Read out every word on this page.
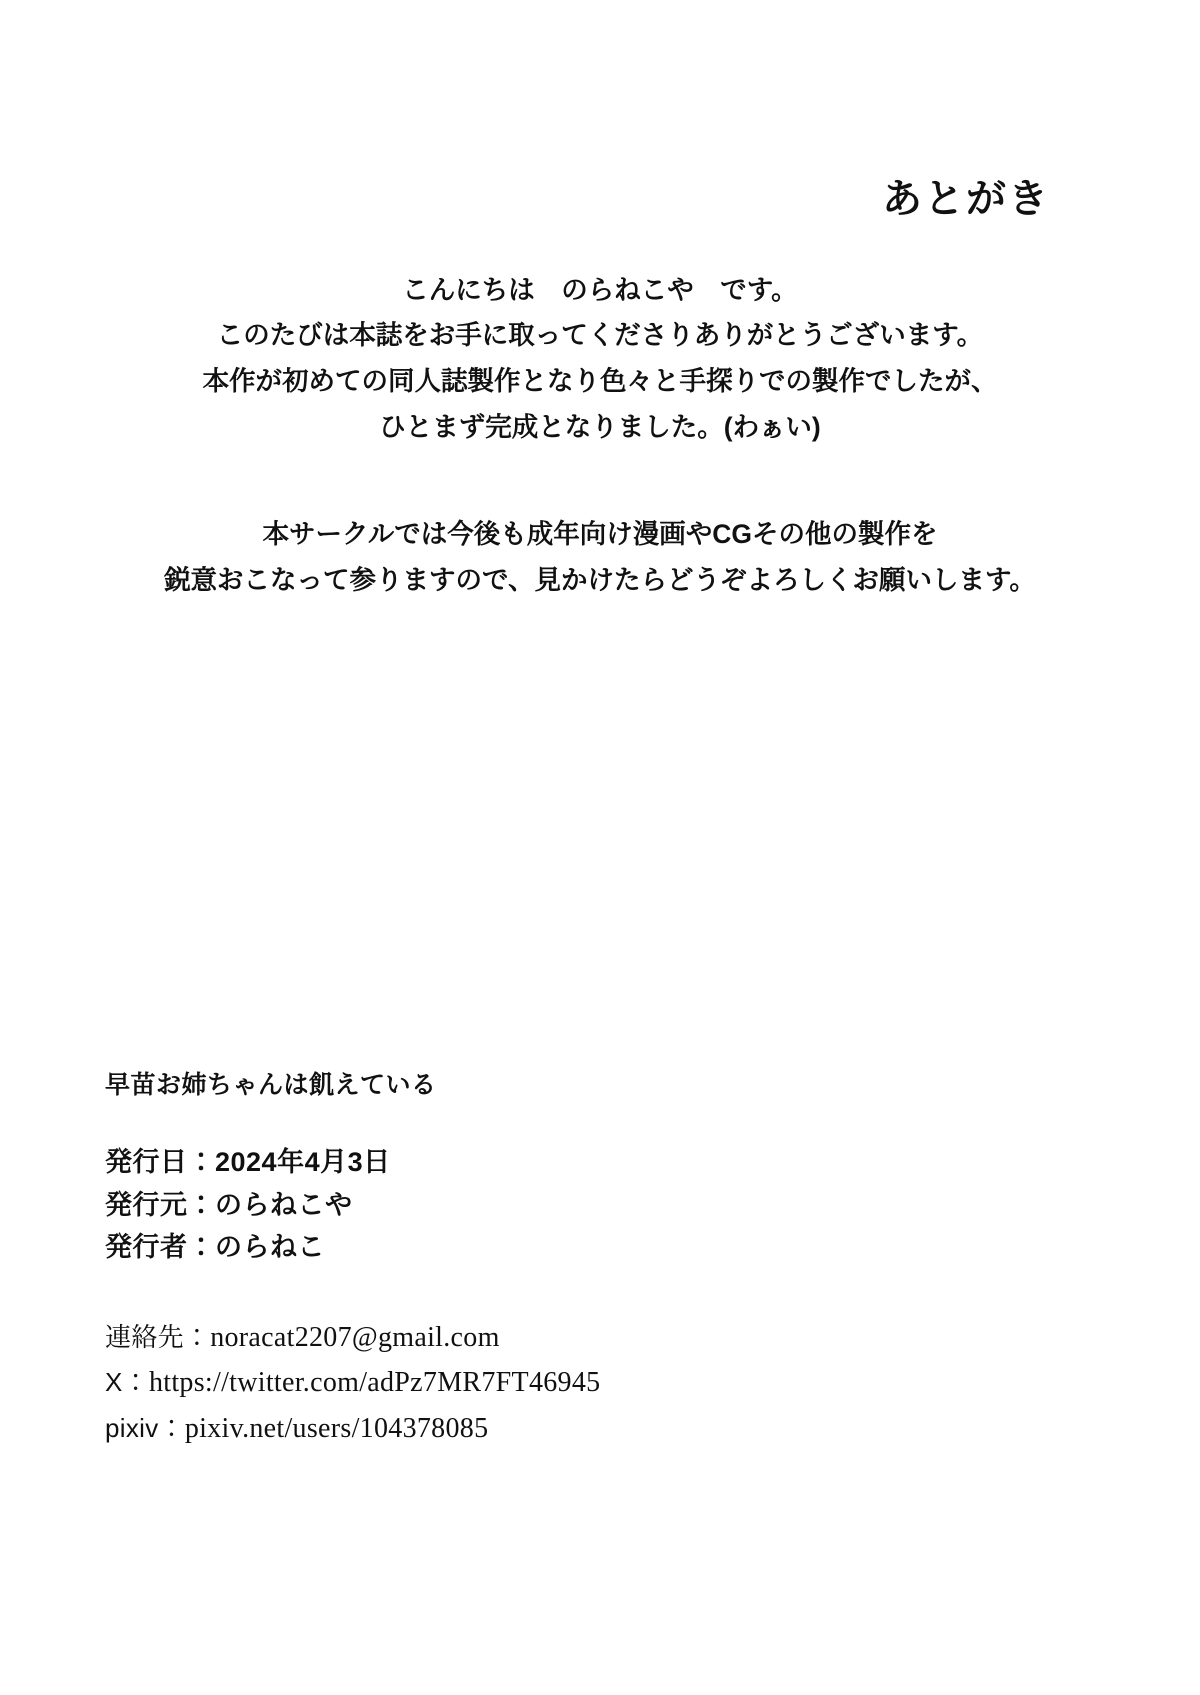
あとがき

こんにちは　のらねこや　です。

このたびは本誌をお手に取ってくださりありがとうございます。

本作が初めての同人誌製作となり色々と手探りでの製作でしたが、

ひとまず完成となりました。(わぁい)

本サークルでは今後も成年向け漫画やCGその他の製作を

鋭意おこなって参りますので、見かけたらどうぞよろしくお願いします。

早苗お姉ちゃんは飢えている
発行日：2024年4月3日
発行元：のらねこや
発行者：のらねこ
連絡先：noracat2207@gmail.com
X：https://twitter.com/adPz7MR7FT46945
pixiv：pixiv.net/users/104378085
